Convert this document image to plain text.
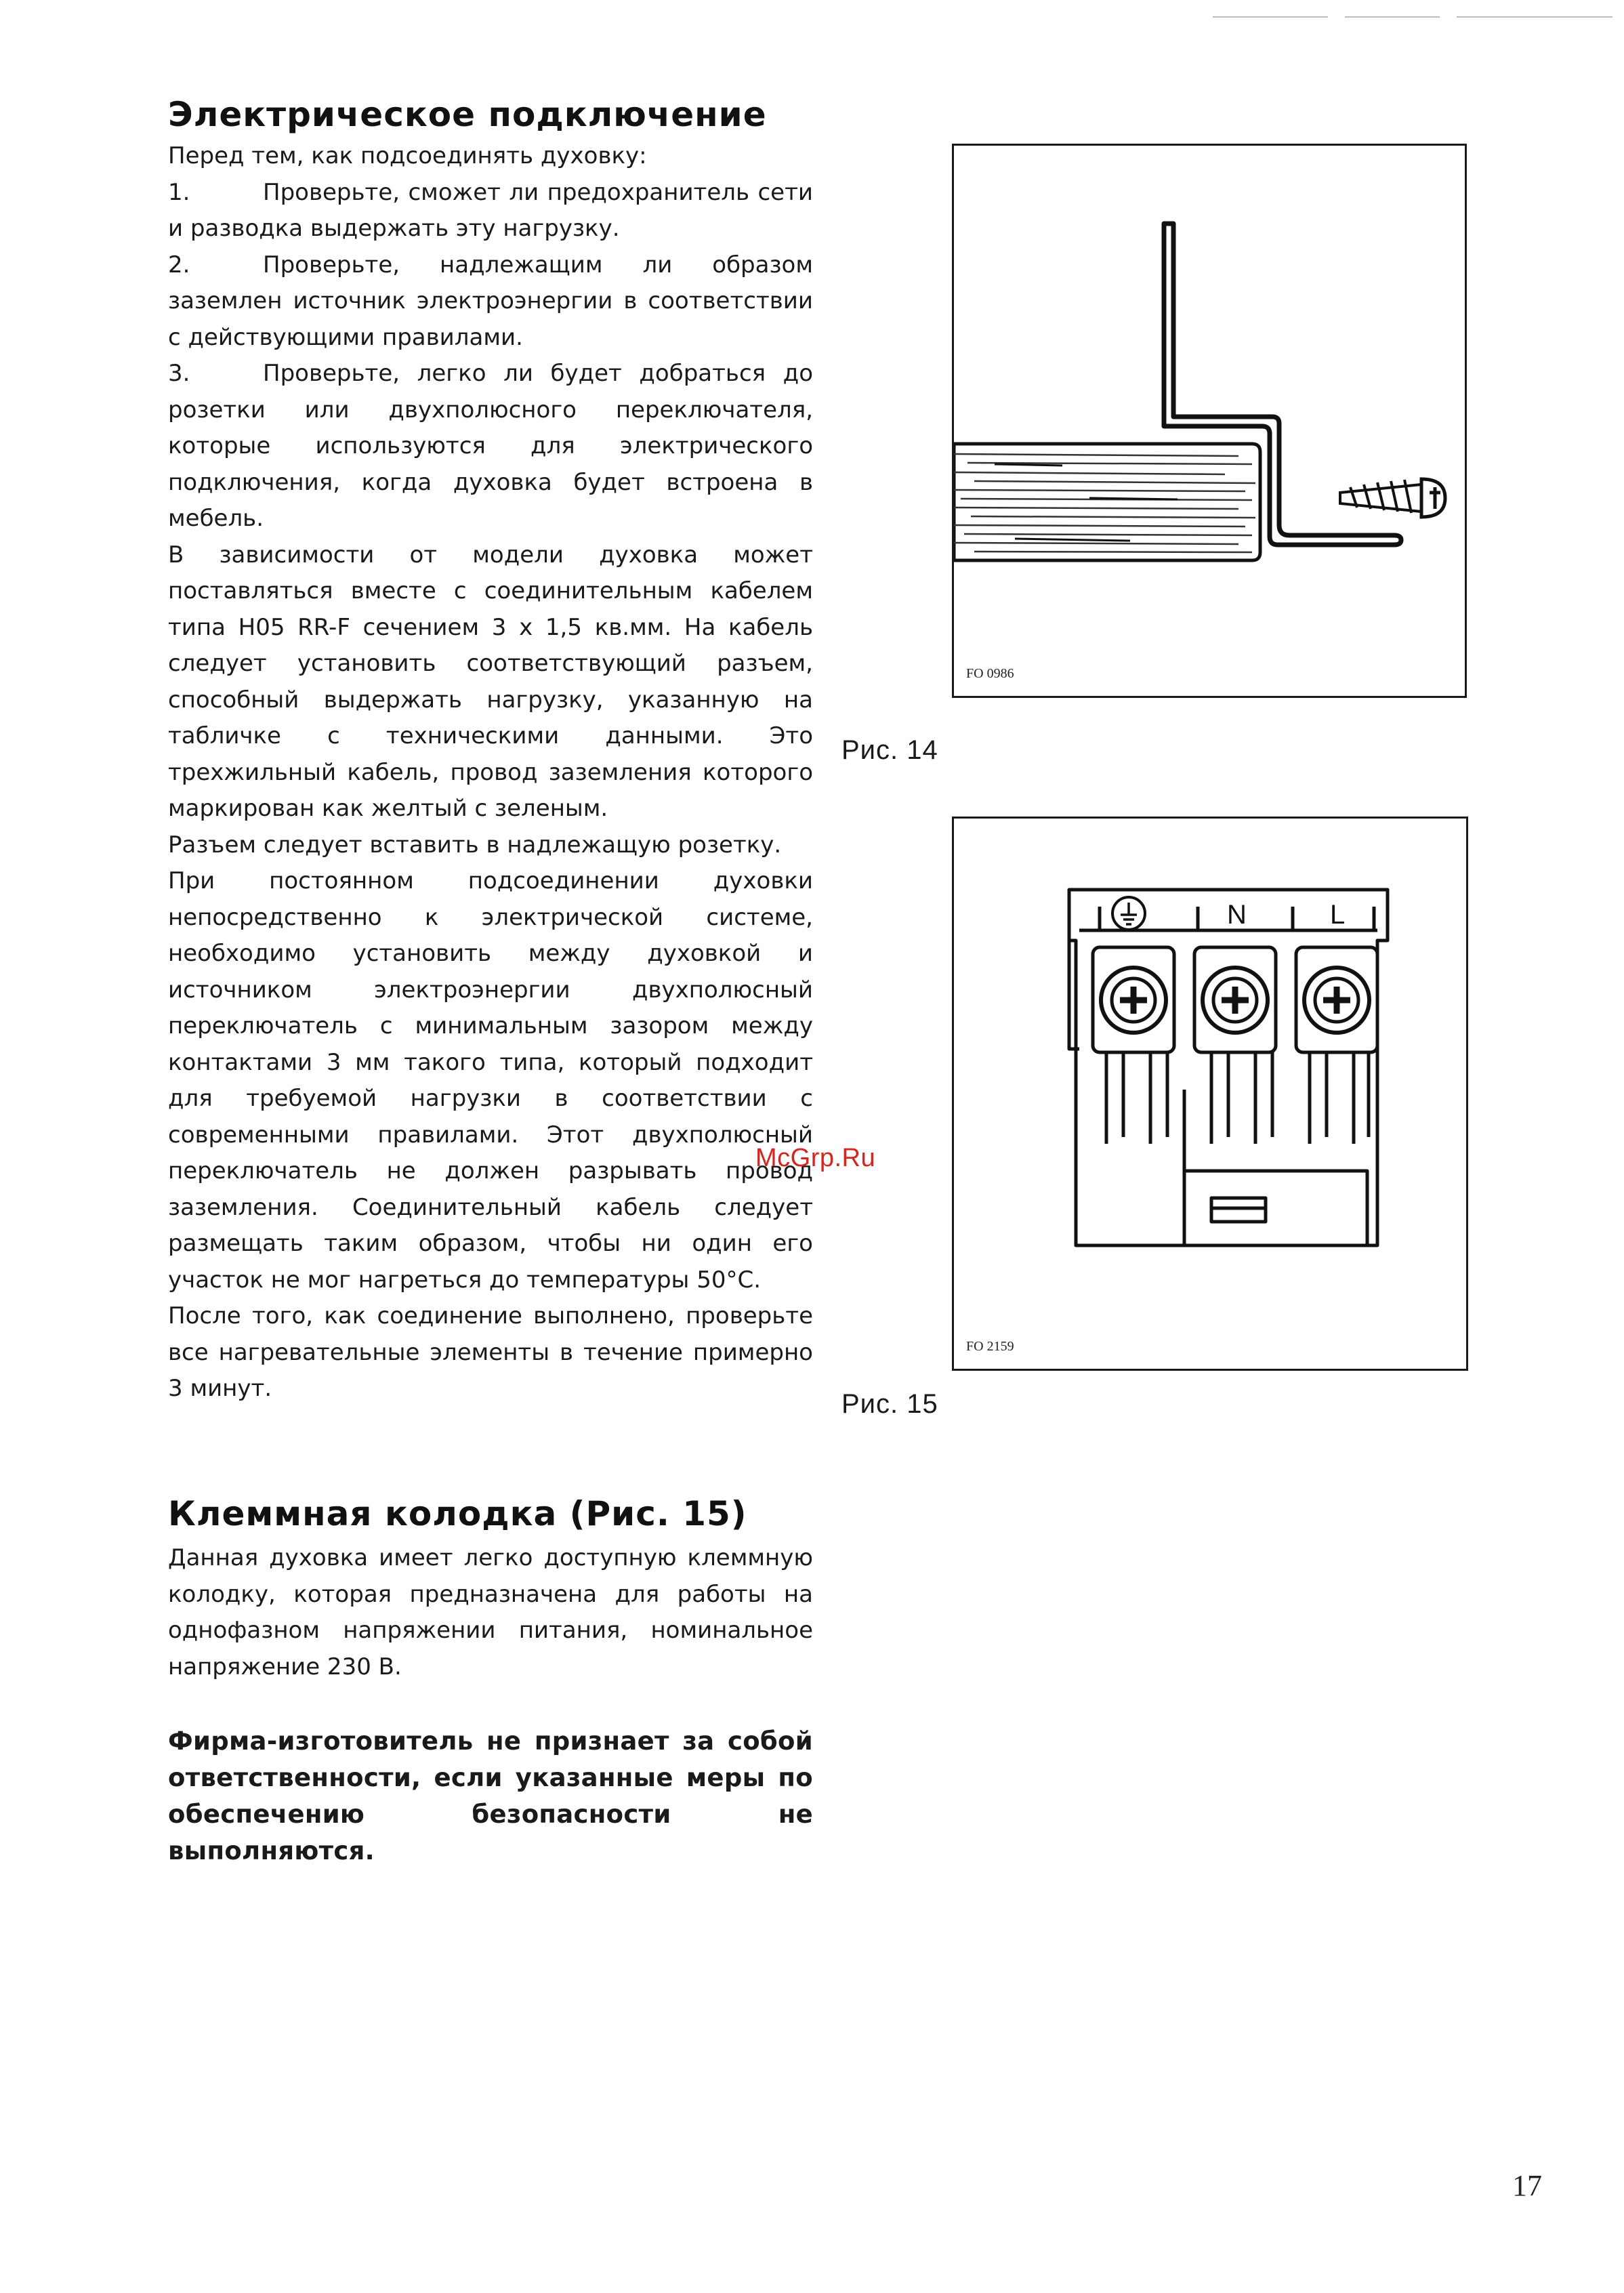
Электрическое подключение

Перед тем, как подсоединять духовку:

1.	Проверьте, сможет ли предохранитель сети и разводка выдержать эту нагрузку.

2.	Проверьте, надлежащим ли образом заземлен источник электроэнергии в соответствии с действующими правилами.

3.	Проверьте, легко ли будет добраться до розетки или двухполюсного переключателя, которые используются для электрического подключения, когда духовка будет встроена в мебель.

В зависимости от модели духовка может поставляться вместе с соединительным кабелем типа H05 RR-F сечением 3 х 1,5 кв.мм. На кабель следует установить соответствующий разъем, способный выдержать нагрузку, указанную на табличке с техническими данными. Это трехжильный кабель, провод заземления которого маркирован как желтый с зеленым.

Разъем следует вставить в надлежащую розетку.

При постоянном подсоединении духовки непосредственно к электрической системе, необходимо установить между духовкой и источником электроэнергии двухполюсный переключатель с минимальным зазором между контактами 3 мм такого типа, который подходит для требуемой нагрузки в соответствии с современными правилами. Этот двухполюсный переключатель не должен разрывать провод заземления. Соединительный кабель следует размещать таким образом, чтобы ни один его участок не мог нагреться до температуры 50°С.

После того, как соединение выполнено, проверьте все нагревательные элементы в течение примерно 3 минут.

Клеммная колодка (Рис. 15)

Данная духовка имеет легко доступную клеммную колодку, которая предназначена для работы на однофазном напряжении питания, номинальное напряжение 230 В.

Фирма-изготовитель не признает за собой ответственности, если указанные меры по обеспечению безопасности не выполняются.

FO 0986
Рис. 14
N	L
FO 2159
Рис. 15
McGrp.Ru
17
